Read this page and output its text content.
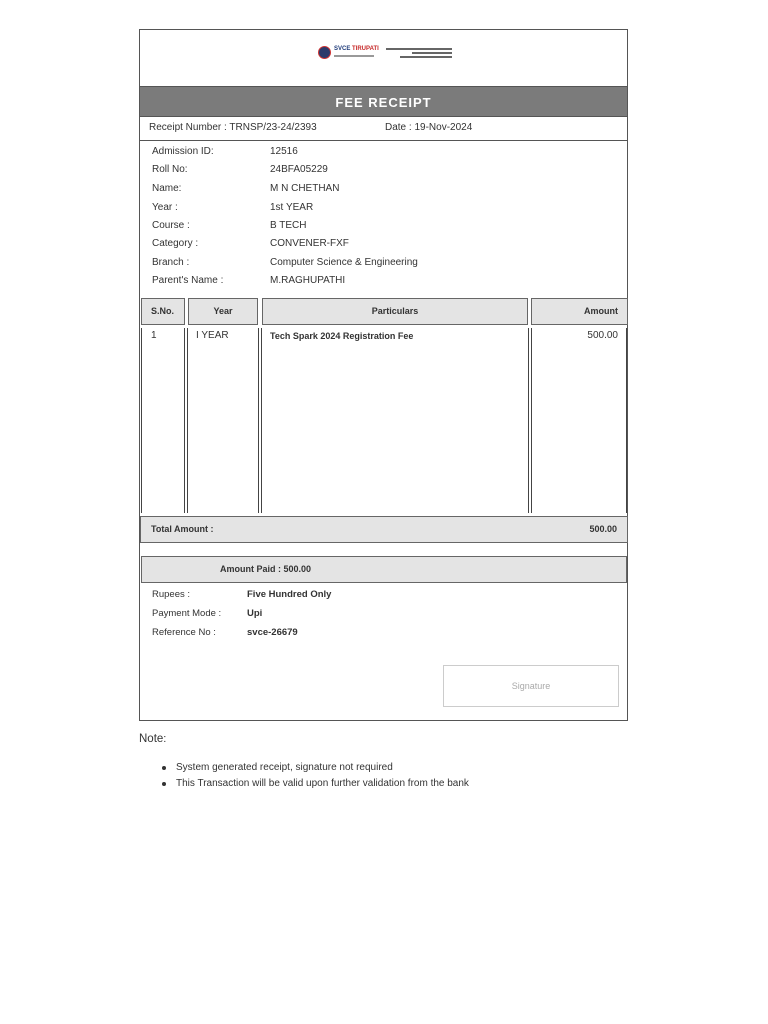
SVCE TIRUPATI
FEE RECEIPT
Receipt Number : TRNSP/23-24/2393	Date : 19-Nov-2024
Admission ID:	12516
Roll No:	24BFA05229
Name:	M N CHETHAN
Year :	1st YEAR
Course :	B TECH
Category :	CONVENER-FXF
Branch :	Computer Science & Engineering
Parent's Name :	M.RAGHUPATHI
S.No.	Year	Particulars	Amount
1	I YEAR	Tech Spark 2024 Registration Fee	500.00
Total Amount :	500.00
Amount Paid : 500.00
Rupees :	Five Hundred Only
Payment Mode :	Upi
Reference No :	svce-26679
Signature
Note:
System generated receipt, signature not required
This Transaction will be valid upon further validation from the bank
